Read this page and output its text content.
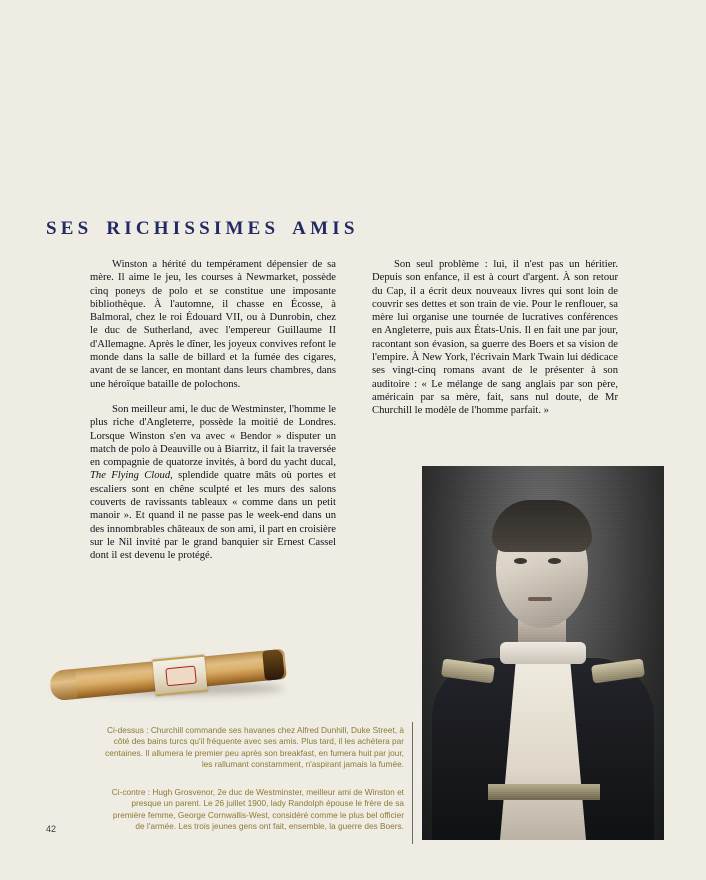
SES RICHISSIMES AMIS

Winston a hérité du tempérament dépensier de sa mère. Il aime le jeu, les courses à Newmarket, possède cinq poneys de polo et se constitue une imposante bibliothèque. À l'automne, il chasse en Écosse, à Balmoral, chez le roi Édouard VII, ou à Dunrobin, chez le duc de Sutherland, avec l'empereur Guillaume II d'Allemagne. Après le dîner, les joyeux convives refont le monde dans la salle de billard et la fumée des cigares, avant de se lancer, en montant dans leurs chambres, dans une héroïque bataille de polochons.

Son meilleur ami, le duc de Westminster, l'homme le plus riche d'Angleterre, possède la moitié de Londres. Lorsque Winston s'en va avec « Bendor » disputer un match de polo à Deauville ou à Biarritz, il fait la traversée en compagnie de quatorze invités, à bord du yacht ducal, The Flying Cloud, splendide quatre mâts où portes et escaliers sont en chêne sculpté et les murs des salons couverts de ravissants tableaux « comme dans un petit manoir ». Et quand il ne passe pas le week-end dans un des innombrables châteaux de son ami, il part en croisière sur le Nil invité par le grand banquier sir Ernest Cassel dont il est devenu le protégé.

Son seul problème : lui, il n'est pas un héritier. Depuis son enfance, il est à court d'argent. À son retour du Cap, il a écrit deux nouveaux livres qui sont loin de couvrir ses dettes et son train de vie. Pour le renflouer, sa mère lui organise une tournée de lucratives conférences en Angleterre, puis aux États-Unis. Il en fait une par jour, racontant son évasion, sa guerre des Boers et sa vision de l'empire. À New York, l'écrivain Mark Twain lui dédicace ses vingt-cinq romans avant de le présenter à son auditoire : « Le mélange de sang anglais par son père, américain par sa mère, fait, sans nul doute, de Mr Churchill le modèle de l'homme parfait. »

Ci-dessus : Churchill commande ses havanes chez Alfred Dunhill, Duke Street, à côté des bains turcs qu'il fréquente avec ses amis. Plus tard, il les achètera par centaines. Il allumera le premier peu après son breakfast, en fumera huit par jour, les rallumant constamment, n'aspirant jamais la fumée.
Ci-contre : Hugh Grosvenor, 2e duc de Westminster, meilleur ami de Winston et presque un parent. Le 26 juillet 1900, lady Randolph épouse le frère de sa première femme, George Cornwallis-West, considéré comme le plus bel officier de l'armée. Les trois jeunes gens ont fait, ensemble, la guerre des Boers.
42
